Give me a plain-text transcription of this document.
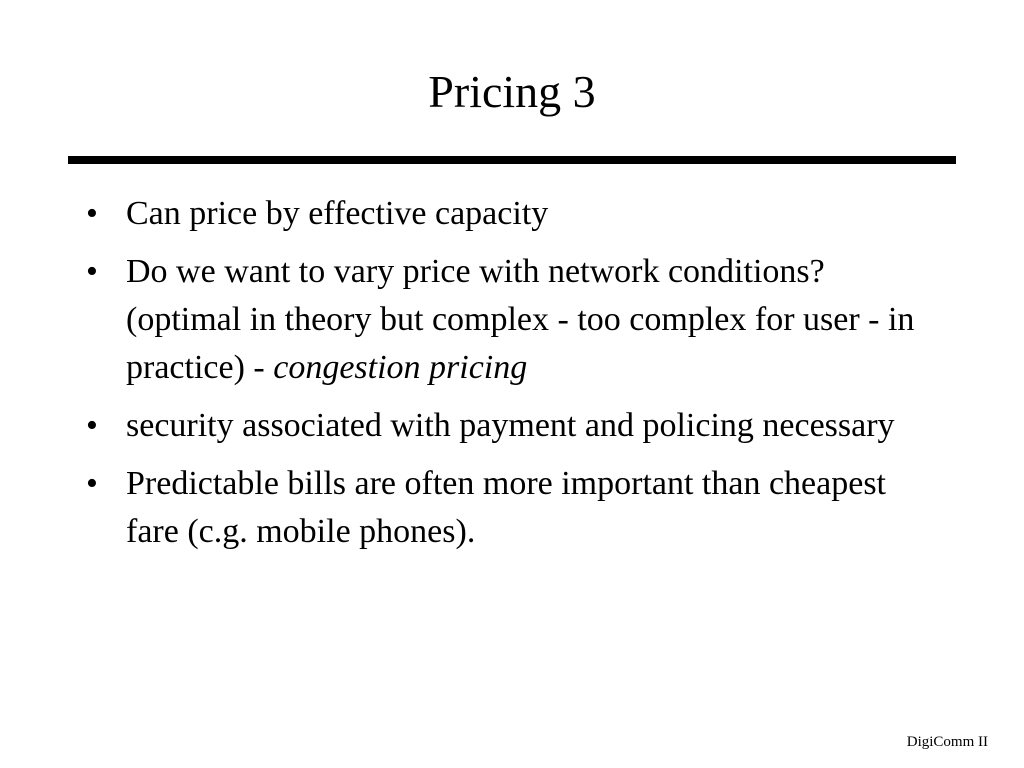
Pricing 3
• Can price by effective capacity
• Do we want to vary price with network conditions? (optimal in theory but complex - too complex for user - in practice) - congestion pricing
• security associated with payment and policing necessary
• Predictable bills are often more important than cheapest fare (c.g. mobile phones).
DigiComm II
